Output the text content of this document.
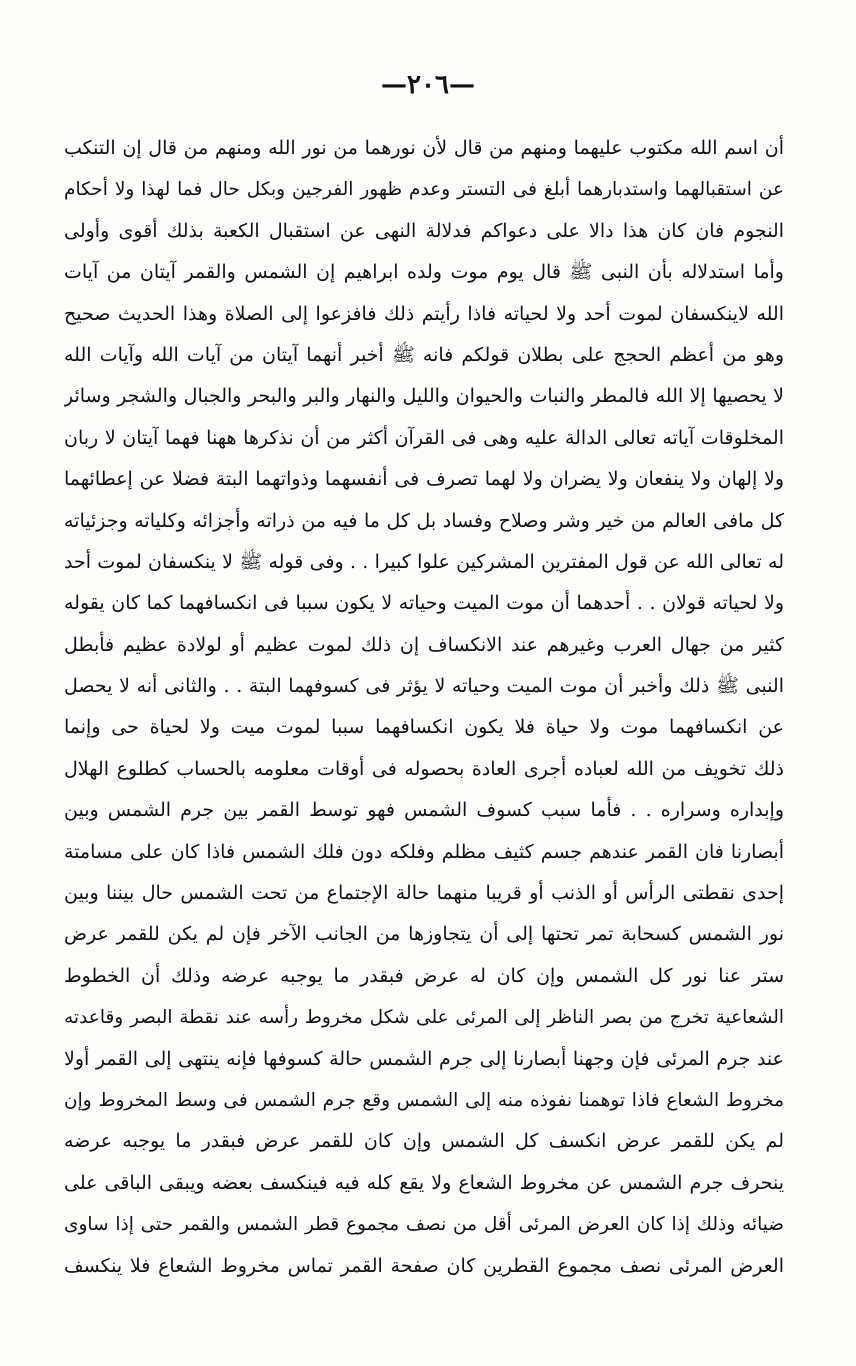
—٢٠٦—
أن اسم الله مكتوب عليهما ومنهم من قال لأن نورهما من نور الله ومنهم من قال إن التنكب
عن استقبالهما واستدبارهما أبلغ فى التستر وعدم ظهور الفرجين وبكل حال فما لهذا ولا أحكام
النجوم فان كان هذا دالا على دعواكم فدلالة النهى عن استقبال الكعبة بذلك أقوى وأولى
وأما استدلاله بأن النبى ﷺ قال يوم موت ولده ابراهيم إن الشمس والقمر آيتان من آيات
الله لاينكسفان لموت أحد ولا لحياته فاذا رأيتم ذلك فافزعوا إلى الصلاة وهذا الحديث صحيح
وهو من أعظم الحجج على بطلان قولكم فانه ﷺ أخبر أنهما آيتان من آيات الله وآيات الله
لا يحصيها إلا الله فالمطر والنبات والحيوان والليل والنهار والبر والبحر والجبال والشجر وسائر
المخلوقات آياته تعالى الدالة عليه وهى فى القرآن أكثر من أن نذكرها ههنا فهما آيتان لا ربان
ولا إلهان ولا ينفعان ولا يضران ولا لهما تصرف فى أنفسهما وذواتهما البتة فضلا عن إعطائهما
كل مافى العالم من خير وشر وصلاح وفساد بل كل ما فيه من ذراته وأجزائه وكلياته وجزئياته
له تعالى الله عن قول المفترين المشركين علوا كبيرا . . وفى قوله ﷺ لا ينكسفان لموت أحد
ولا لحياته قولان . . أحدهما أن موت الميت وحياته لا يكون سببا فى انكسافهما كما كان يقوله
كثير من جهال العرب وغيرهم عند الانكساف إن ذلك لموت عظيم أو لولادة عظيم فأبطل
النبى ﷺ ذلك وأخبر أن موت الميت وحياته لا يؤثر فى كسوفهما البتة . . والثانى أنه لا يحصل
عن انكسافهما موت ولا حياة فلا يكون انكسافهما سببا لموت ميت ولا لحياة حى وإنما
ذلك تخويف من الله لعباده أجرى العادة بحصوله فى أوقات معلومه بالحساب كطلوع الهلال
وإبداره وسراره . . فأما سبب كسوف الشمس فهو توسط القمر بين جرم الشمس وبين
أبصارنا فان القمر عندهم جسم كثيف مظلم وفلكه دون فلك الشمس فاذا كان على مسامتة
إحدى نقطتى الرأس أو الذنب أو قريبا منهما حالة الإجتماع من تحت الشمس حال بيننا وبين
نور الشمس كسحابة تمر تحتها إلى أن يتجاوزها من الجانب الآخر فإن لم يكن للقمر عرض
ستر عنا نور كل الشمس وإن كان له عرض فبقدر ما يوجبه عرضه وذلك أن الخطوط
الشعاعية تخرج من بصر الناظر إلى المرئى على شكل مخروط رأسه عند نقطة البصر وقاعدته
عند جرم المرئى فإن وجهنا أبصارنا إلى جرم الشمس حالة كسوفها فإنه ينتهى إلى القمر أولا
مخروط الشعاع فاذا توهمنا نفوذه منه إلى الشمس وقع جرم الشمس فى وسط المخروط وإن
لم يكن للقمر عرض انكسف كل الشمس وإن كان للقمر عرض فبقدر ما يوجبه عرضه
ينحرف جرم الشمس عن مخروط الشعاع ولا يقع كله فيه فينكسف بعضه ويبقى الباقى على
ضيائه وذلك إذا كان العرض المرئى أقل من نصف مجموع قطر الشمس والقمر حتى إذا ساوى
العرض المرئى نصف مجموع القطرين كان صفحة القمر تماس مخروط الشعاع فلا ينكسف
